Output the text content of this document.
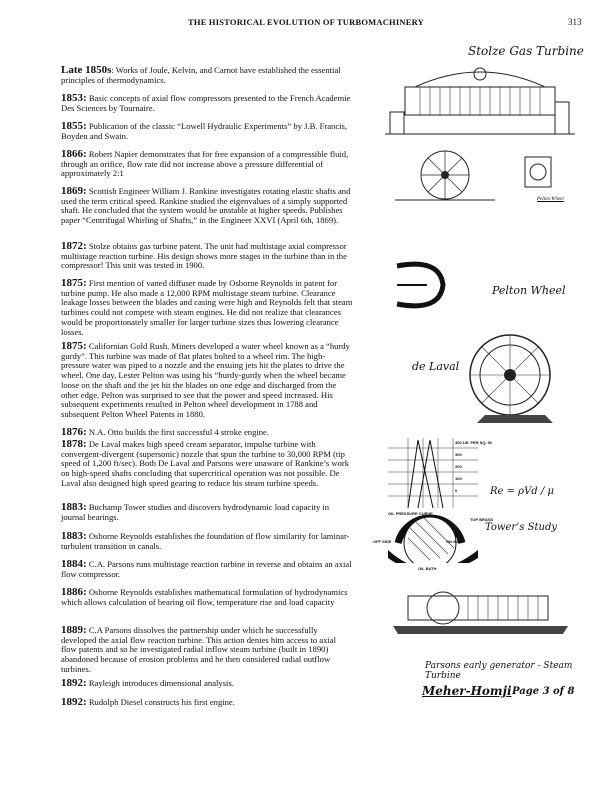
THE HISTORICAL EVOLUTION OF TURBOMACHINERY	313
Late 1850s: Works of Joule, Kelvin, and Carnot have established the essential principles of thermodynamics.
1853: Basic concepts of axial flow compressors presented to the French Academie Des Sciences by Tournaire.
1855: Publication of the classic “Lowell Hydraulic Experiments” by J.B. Francis, Boyden and Swain.
1866: Robert Napier demonstrates that for free expansion of a compressible fluid, through an orifice, flow rate did not increase above a pressure differential of approximately 2:1
1869: Scottish Engineer William J. Rankine investigates rotating elastic shafts and used the term critical speed. Rankine studied the eigenvalues of a simply supported shaft. He concluded that the system would be unstable at higher speeds. Publishes paper “Centrifugal Whirling of Shafts,” in the Engineer XXVI (April 6th, 1869).
1872: Stolze obtains gas turbine patent. The unit had multistage axial compressor multistage reaction turbine. His design shows more stages in the turbine than in the compressor! This unit was tested in 1900.
1875: First mention of vaned diffuser made by Osborne Reynolds in patent for turbine pump. He also made a 12,000 RPM multistage steam turbine. Clearance leakage losses between the blades and casing were high and Reynolds felt that steam turbines could not compete with steam engines. He did not realize that clearances would be proportionately smaller for larger turbine sizes thus lowering clearance losses.
1875: Californian Gold Rush. Miners developed a water wheel known as a “hurdy gurdy”. This turbine was made of flat plates bolted to a wheel rim. The high-pressure water was piped to a nozzle and the ensuing jets hit the plates to drive the wheel. One day, Lester Pelton was using his “hurdy-gurdy when the wheel became loose on the shaft and the jet hit the blades on one edge and discharged from the other edge. Pelton was surprised to see that the power and speed increased. His subsequent experiments resulted in Pelton wheel development in 1788 and subsequent Pelton Wheel Patents in 1880.
1876: N.A. Otto builds the first successful 4 stroke engine.
1878: De Laval makes high speed cream separator, impulse turbine with convergent-divergent (supersonic) nozzle that spun the turbine to 30,000 RPM (tip speed of 1,200 ft/sec). Both De Laval and Parsons were unaware of Rankine’s work on high-speed shafts concluding that supercritical operation was not possible. De Laval also designed high speed gearing to reduce his steam turbine speeds.
1883: Buchamp Tower studies and discovers hydrodynamic load capacity in journal bearings.
1883: Osborne Reynolds establishes the foundation of flow similarity for laminar-turbulent transition in canals.
1884: C.A. Parsons runs multistage reaction turbine in reverse and obtains an axial flow compressor.
1886: Osborne Reynolds establishes mathematical formulation of hydrodynamics which allows calculation of bearing oil flow, temperature rise and load capacity
1889: C.A Parsons dissolves the partnership under which he successfully developed the axial flow reaction turbine. This action denies him access to axial flow patents and so he investigated radial inflow steam turbine (built in 1890) abandoned because of erosion problems and he then considered radial outflow turbines.
1892: Rayleigh introduces dimensional analysis.
1892: Rudolph Diesel constructs his first engine.
Stolze Gas Turbine
Pelton Wheel
Pelton Wheel
de Laval
400 LB. PER SQ. IN.
300
200
100
0
OIL PRESSURE CURVE
TOP BRASS
OFF SIDE	ON SIDE
OIL BATH
Re = ρVd / μ
Tower’s Study
Parsons early generator - Steam Turbine
Meher-Homji Page 3 of 8
